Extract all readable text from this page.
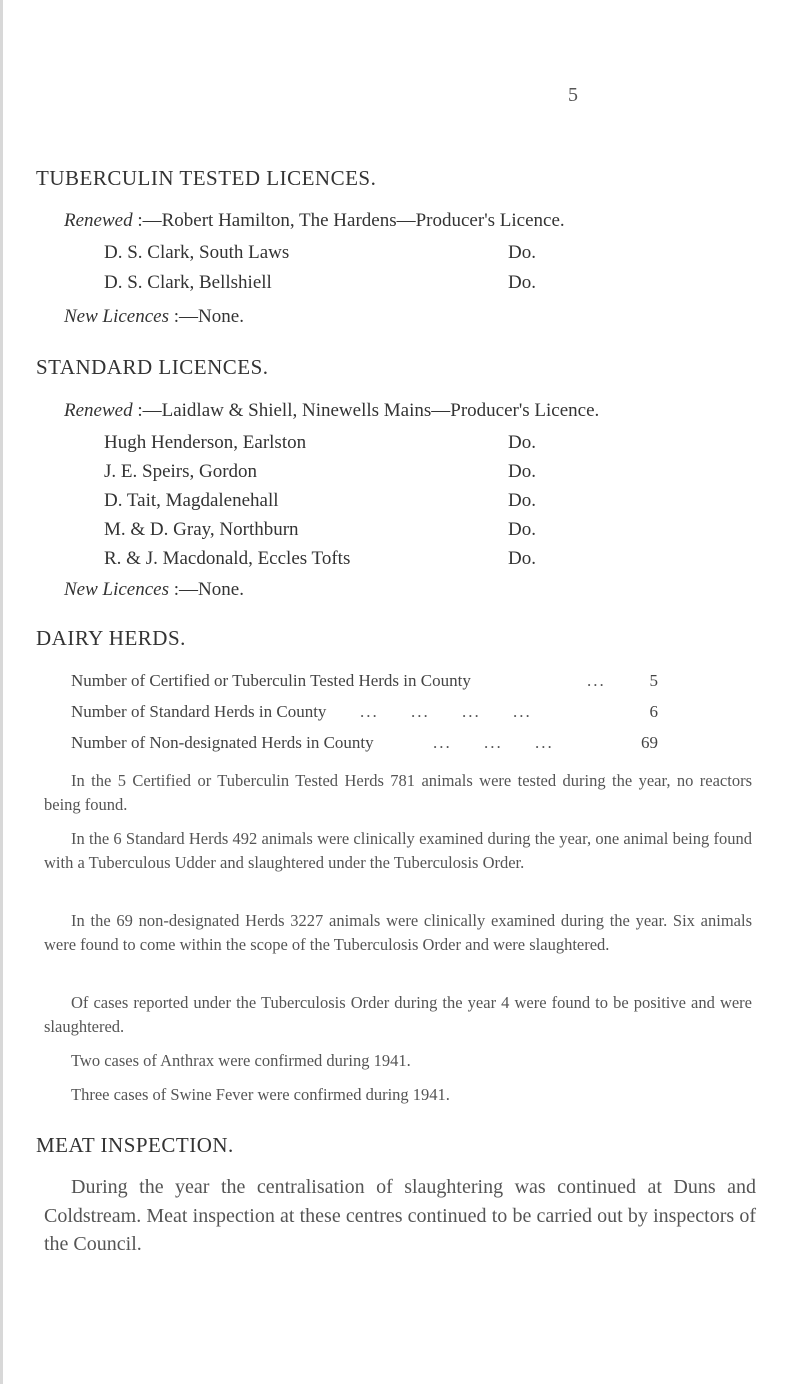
5
TUBERCULIN TESTED LICENCES.
Renewed :—Robert Hamilton, The Hardens—Producer's Licence.
D. S. Clark, South Laws	Do.
D. S. Clark, Bellshiell	Do.
New Licences :—None.
STANDARD LICENCES.
Renewed :—Laidlaw & Shiell, Ninewells Mains—Producer's Licence.
Hugh Henderson, Earlston	Do.
J. E. Speirs, Gordon	Do.
D. Tait, Magdalenehall	Do.
M. & D. Gray, Northburn	Do.
R. & J. Macdonald, Eccles Tofts	Do.
New Licences :—None.
DAIRY HERDS.
Number of Certified or Tuberculin Tested Herds in County	...	5
Number of Standard Herds in County ... ... ... ...	6
Number of Non-designated Herds in County	... ... ...	69
In the 5 Certified or Tuberculin Tested Herds 781 animals were tested during the year, no reactors being found.
In the 6 Standard Herds 492 animals were clinically examined during the year, one animal being found with a Tuberculous Udder and slaughtered under the Tuberculosis Order.
In the 69 non-designated Herds 3227 animals were clinically examined during the year. Six animals were found to come within the scope of the Tuberculosis Order and were slaughtered.
Of cases reported under the Tuberculosis Order during the year 4 were found to be positive and were slaughtered.
Two cases of Anthrax were confirmed during 1941.
Three cases of Swine Fever were confirmed during 1941.
MEAT INSPECTION.
During the year the centralisation of slaughtering was continued at Duns and Coldstream. Meat inspection at these centres continued to be carried out by inspectors of the Council.
